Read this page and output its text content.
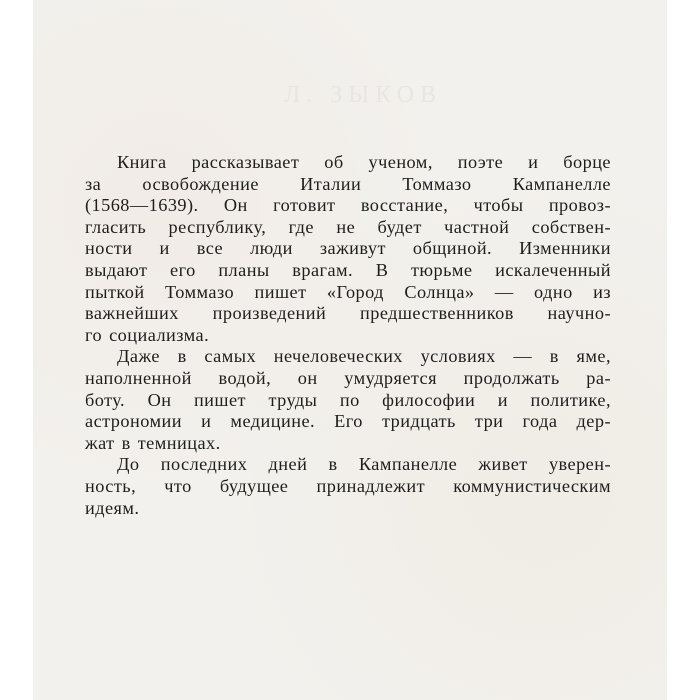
Л. ЗЫКОВ
Книга рассказывает об ученом, поэте и борце
за освобождение Италии Томмазо Кампанелле
(1568—1639). Он готовит восстание, чтобы провоз-
гласить республику, где не будет частной собствен-
ности и все люди заживут общиной. Изменники
выдают его планы врагам. В тюрьме искалеченный
пыткой Томмазо пишет «Город Солнца» — одно из
важнейших произведений предшественников научно-
го социализма.
Даже в самых нечеловеческих условиях — в яме,
наполненной водой, он умудряется продолжать ра-
боту. Он пишет труды по философии и политике,
астрономии и медицине. Его тридцать три года дер-
жат в темницах.
До последних дней в Кампанелле живет уверен-
ность, что будущее принадлежит коммунистическим
идеям.
